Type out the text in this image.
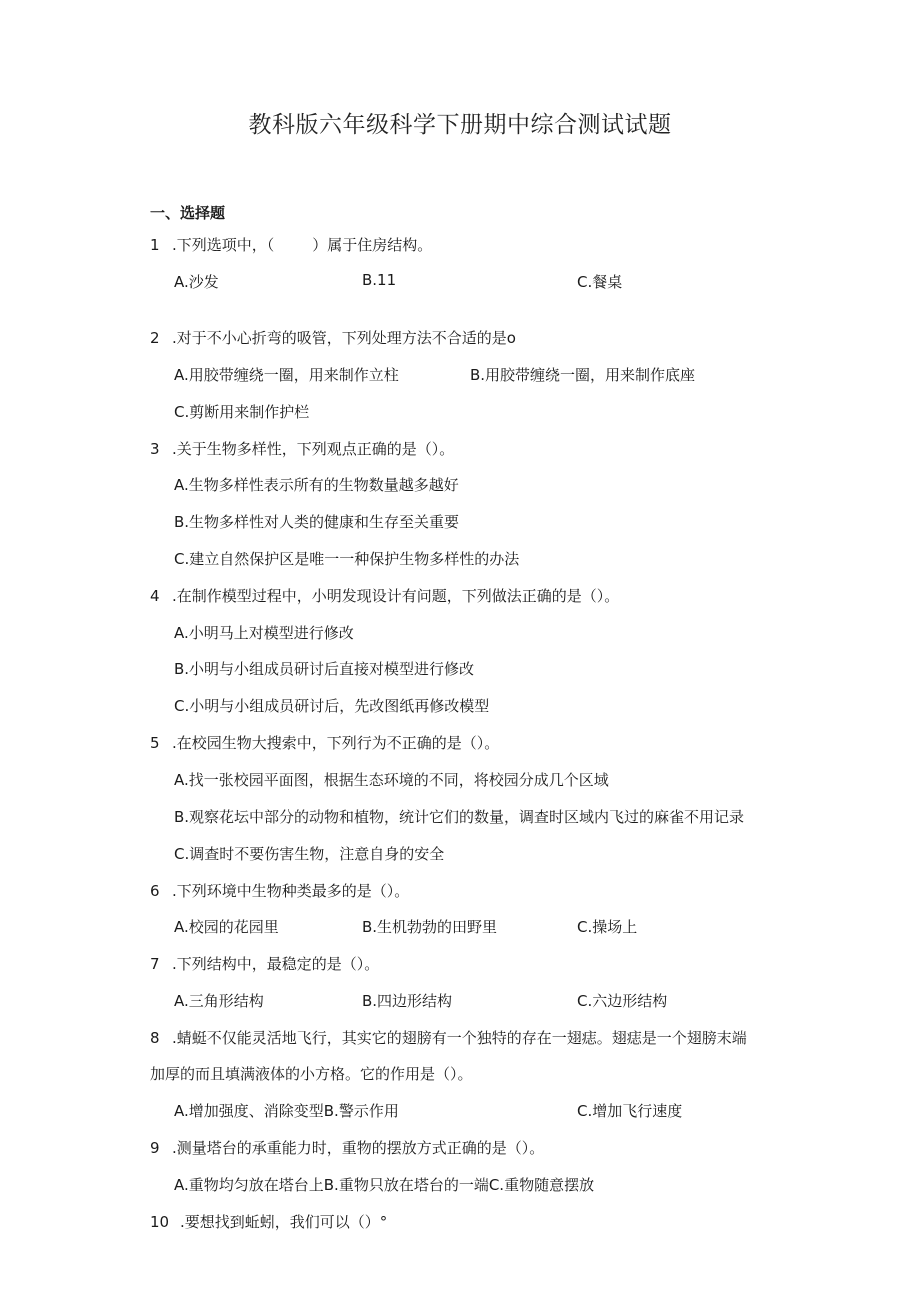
教科版六年级科学下册期中综合测试试题
一、选择题
1 .下列选项中，（	）属于住房结构。
A.沙发	B.11	C.餐桌
2 .对于不小心折弯的吸管，下列处理方法不合适的是o
A.用胶带缠绕一圈，用来制作立柱	B.用胶带缠绕一圈，用来制作底座
C.剪断用来制作护栏
3 .关于生物多样性，下列观点正确的是（）。
A.生物多样性表示所有的生物数量越多越好
B.生物多样性对人类的健康和生存至关重要
C.建立自然保护区是唯一一种保护生物多样性的办法
4 .在制作模型过程中，小明发现设计有问题，下列做法正确的是（）。
A.小明马上对模型进行修改
B.小明与小组成员研讨后直接对模型进行修改
C.小明与小组成员研讨后，先改图纸再修改模型
5 .在校园生物大搜索中，下列行为不正确的是（）。
A.找一张校园平面图，根据生态环境的不同，将校园分成几个区域
B.观察花坛中部分的动物和植物，统计它们的数量，调查时区域内飞过的麻雀不用记录
C.调查时不要伤害生物，注意自身的安全
6 .下列环境中生物种类最多的是（）。
A.校园的花园里	B.生机勃勃的田野里	C.操场上
7 .下列结构中，最稳定的是（）。
A.三角形结构	B.四边形结构	C.六边形结构
8 .蜻蜓不仅能灵活地飞行，其实它的翅膀有一个独特的存在一翅痣。翅痣是一个翅膀末端
加厚的而且填满液体的小方格。它的作用是（）。
A.增加强度、消除变型B.警示作用	C.增加飞行速度
9 .测量塔台的承重能力时，重物的摆放方式正确的是（）。
A.重物均匀放在塔台上B.重物只放在塔台的一端C.重物随意摆放
10 .要想找到蚯蚓，我们可以（）°
